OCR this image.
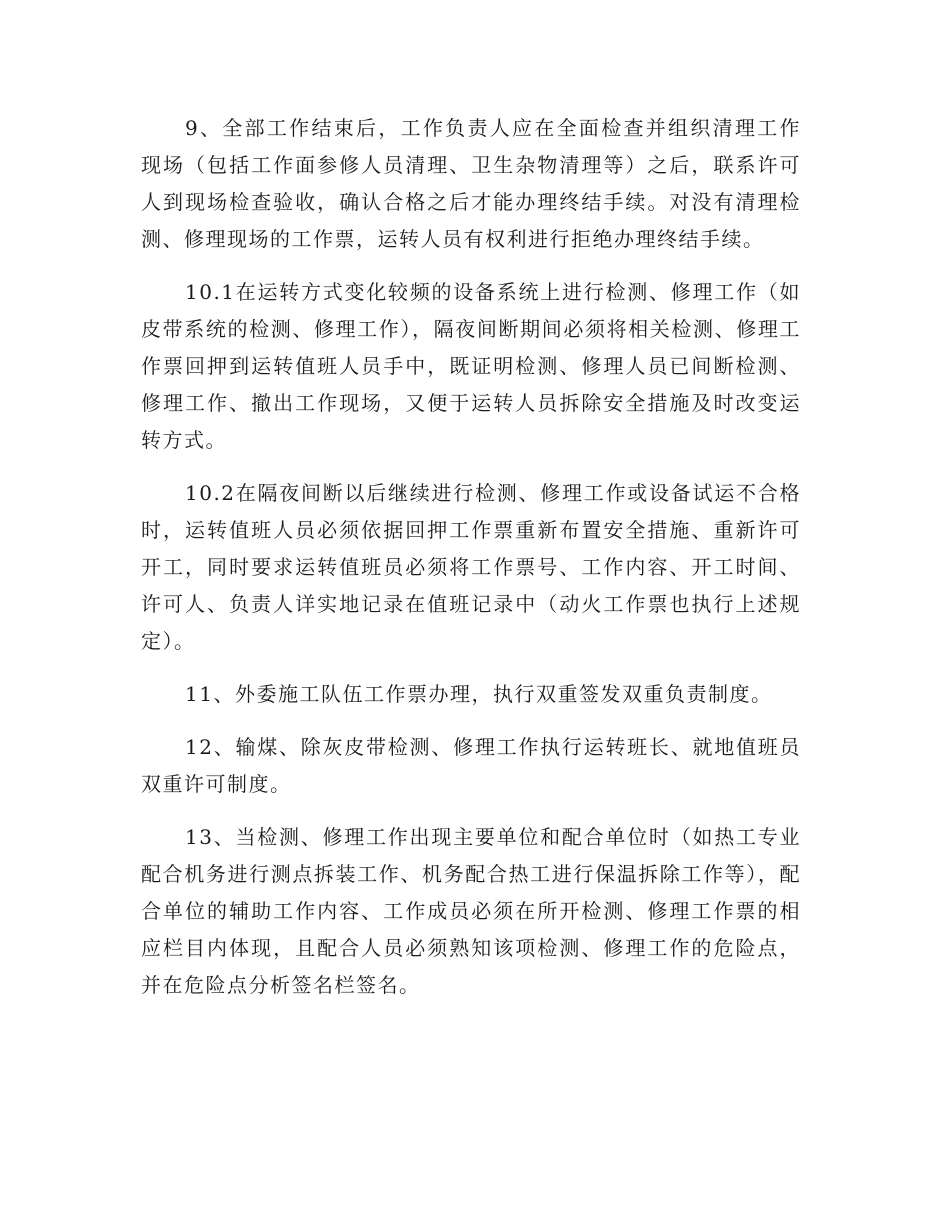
9、全部工作结束后，工作负责人应在全面检查并组织清理工作现场（包括工作面参修人员清理、卫生杂物清理等）之后，联系许可人到现场检查验收，确认合格之后才能办理终结手续。对没有清理检测、修理现场的工作票，运转人员有权利进行拒绝办理终结手续。

10.1在运转方式变化较频的设备系统上进行检测、修理工作（如皮带系统的检测、修理工作），隔夜间断期间必须将相关检测、修理工作票回押到运转值班人员手中，既证明检测、修理人员已间断检测、修理工作、撤出工作现场，又便于运转人员拆除安全措施及时改变运转方式。

10.2在隔夜间断以后继续进行检测、修理工作或设备试运不合格时，运转值班人员必须依据回押工作票重新布置安全措施、重新许可开工，同时要求运转值班员必须将工作票号、工作内容、开工时间、许可人、负责人详实地记录在值班记录中（动火工作票也执行上述规定）。

11、外委施工队伍工作票办理，执行双重签发双重负责制度。

12、输煤、除灰皮带检测、修理工作执行运转班长、就地值班员双重许可制度。

13、当检测、修理工作出现主要单位和配合单位时（如热工专业配合机务进行测点拆装工作、机务配合热工进行保温拆除工作等），配合单位的辅助工作内容、工作成员必须在所开检测、修理工作票的相应栏目内体现，且配合人员必须熟知该项检测、修理工作的危险点，并在危险点分析签名栏签名。
